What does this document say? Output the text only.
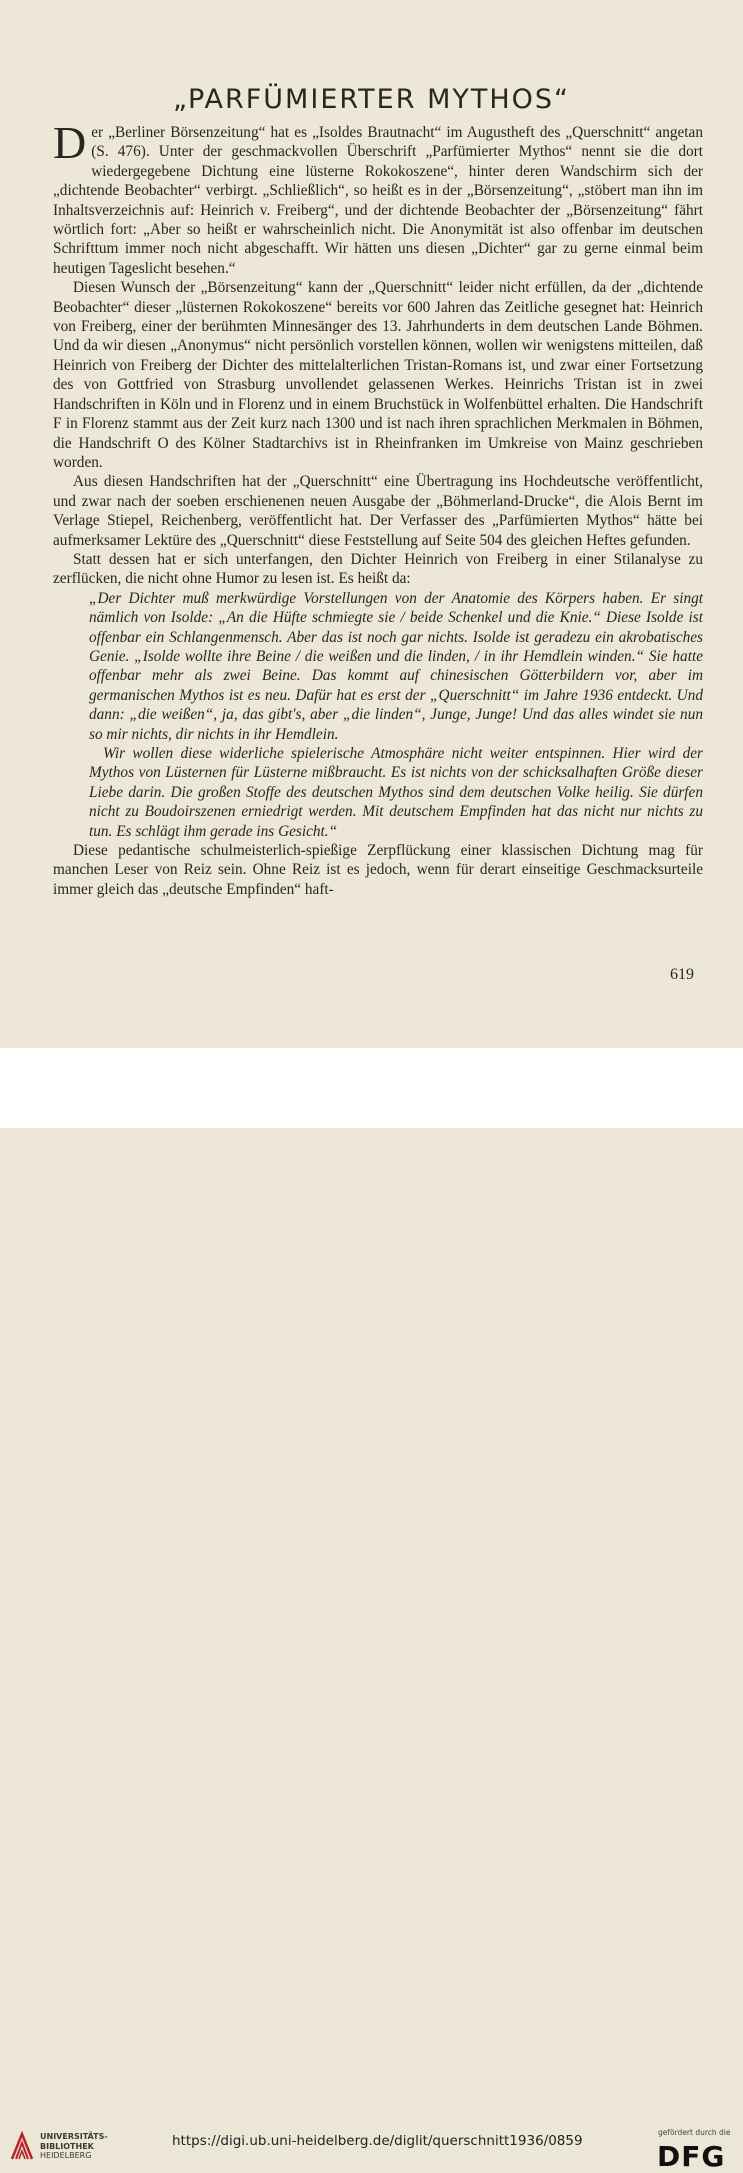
„PARFÜMIERTER MYTHOS“

Der „Berliner Börsenzeitung“ hat es „Isoldes Brautnacht“ im Augustheft des „Querschnitt“ angetan (S. 476). Unter der geschmackvollen Überschrift „Parfümierter Mythos“ nennt sie die dort wiedergegebene Dichtung eine lüsterne Rokokoszene“, hinter deren Wandschirm sich der „dichtende Beobachter“ verbirgt. „Schließlich“, so heißt es in der „Börsenzeitung“, „stöbert man ihn im Inhaltsverzeichnis auf: Heinrich v. Freiberg“, und der dichtende Beobachter der „Börsenzeitung“ fährt wörtlich fort: „Aber so heißt er wahrscheinlich nicht. Die Anonymität ist also offenbar im deutschen Schrifttum immer noch nicht abgeschafft. Wir hätten uns diesen „Dichter“ gar zu gerne einmal beim heutigen Tageslicht besehen.“

Diesen Wunsch der „Börsenzeitung“ kann der „Querschnitt“ leider nicht erfüllen, da der „dichtende Beobachter“ dieser „lüsternen Rokokoszene“ bereits vor 600 Jahren das Zeitliche gesegnet hat: Heinrich von Freiberg, einer der berühmten Minnesänger des 13. Jahrhunderts in dem deutschen Lande Böhmen. Und da wir diesen „Anonymus“ nicht persönlich vorstellen können, wollen wir wenigstens mitteilen, daß Heinrich von Freiberg der Dichter des mittelalterlichen Tristan-Romans ist, und zwar einer Fortsetzung des von Gottfried von Strasburg unvollendet gelassenen Werkes. Heinrichs Tristan ist in zwei Handschriften in Köln und in Florenz und in einem Bruchstück in Wolfenbüttel erhalten. Die Handschrift F in Florenz stammt aus der Zeit kurz nach 1300 und ist nach ihren sprachlichen Merkmalen in Böhmen, die Handschrift O des Kölner Stadtarchivs ist in Rheinfranken im Umkreise von Mainz geschrieben worden.

Aus diesen Handschriften hat der „Querschnitt“ eine Übertragung ins Hochdeutsche veröffentlicht, und zwar nach der soeben erschienenen neuen Ausgabe der „Böhmerland-Drucke“, die Alois Bernt im Verlage Stiepel, Reichenberg, veröffentlicht hat. Der Verfasser des „Parfümierten Mythos“ hätte bei aufmerksamer Lektüre des „Querschnitt“ diese Feststellung auf Seite 504 des gleichen Heftes gefunden.

Statt dessen hat er sich unterfangen, den Dichter Heinrich von Freiberg in einer Stilanalyse zu zerflücken, die nicht ohne Humor zu lesen ist. Es heißt da:

„Der Dichter muß merkwürdige Vorstellungen von der Anatomie des Körpers haben. Er singt nämlich von Isolde: „An die Hüfte schmiegte sie / beide Schenkel und die Knie.“ Diese Isolde ist offenbar ein Schlangenmensch. Aber das ist noch gar nichts. Isolde ist geradezu ein akrobatisches Genie. „Isolde wollte ihre Beine / die weißen und die linden, / in ihr Hemdlein winden.“ Sie hatte offenbar mehr als zwei Beine. Das kommt auf chinesischen Götterbildern vor, aber im germanischen Mythos ist es neu. Dafür hat es erst der „Querschnitt“ im Jahre 1936 entdeckt. Und dann: „die weißen“, ja, das gibt's, aber „die linden“, Junge, Junge! Und das alles windet sie nun so mir nichts, dir nichts in ihr Hemdlein.

Wir wollen diese widerliche spielerische Atmosphäre nicht weiter entspinnen. Hier wird der Mythos von Lüsternen für Lüsterne mißbraucht. Es ist nichts von der schicksalhaften Größe dieser Liebe darin. Die großen Stoffe des deutschen Mythos sind dem deutschen Volke heilig. Sie dürfen nicht zu Boudoirszenen erniedrigt werden. Mit deutschem Empfinden hat das nicht nur nichts zu tun. Es schlägt ihm gerade ins Gesicht.“

Diese pedantische schulmeisterlich-spießige Zerpflückung einer klassischen Dichtung mag für manchen Leser von Reiz sein. Ohne Reiz ist es jedoch, wenn für derart einseitige Geschmacksurteile immer gleich das „deutsche Empfinden“ haft-

619
UNIVERSITÄTS-
BIBLIOTHEK
HEIDELBERG
https://digi.ub.uni-heidelberg.de/diglit/querschnitt1936/0859
gefördert durch die
DFG
